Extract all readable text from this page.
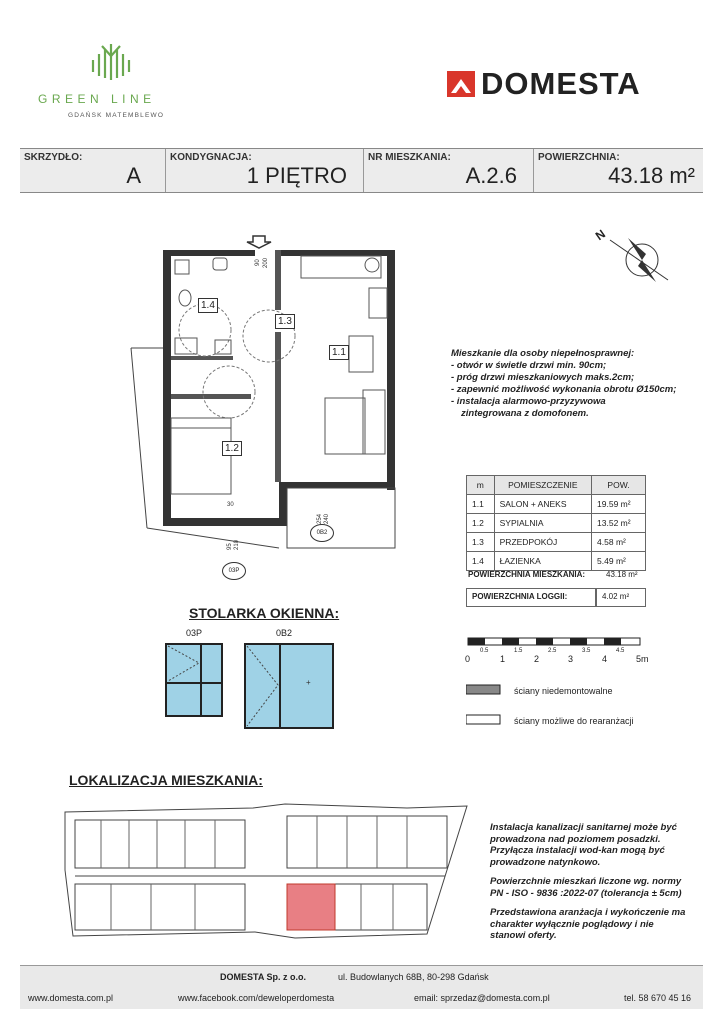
GREEN LINE
GDAŃSK MATEMBLEWO
DOMESTA
SKRZYDŁO:
A
KONDYGNACJA:
1 PIĘTRO
NR MIESZKANIA:
A.2.6
POWIERZCHNIA:
43.18 m²
90 200
30
95 210
254 240
1.4
1.3
1.1
1.2
0B2
03P
N
Mieszkanie dla osoby niepełnosprawnej:
- otwór w świetle drzwi min. 90cm;
- próg drzwi mieszkaniowych maks.2cm;
- zapewnić możliwość wykonania obrotu Ø150cm;
- instalacja alarmowo-przyzywowa
zintegrowana z domofonem.
m	POMIESZCZENIE	POW.
1.1	SALON + ANEKS	19.59 m²
1.2	SYPIALNIA	13.52 m²
1.3	PRZEDPOKÓJ	4.58 m²
1.4	ŁAZIENKA	5.49 m²
POWIERZCHNIA MIESZKANIA:	43.18 m²
POWIERZCHNIA LOGGII:	4.02 m²
STOLARKA OKIENNA:
03P	0B2
+
0	1	2	3	4	5m
0.5	1.5	2.5	3.5	4.5
ściany niedemontowalne
ściany możliwe do rearanżacji
LOKALIZACJA MIESZKANIA:
Instalacja kanalizacji sanitarnej może być
prowadzona nad poziomem posadzki.
Przyłącza instalacji wod-kan mogą być
prowadzone natynkowo.
Powierzchnie mieszkań liczone wg. normy
PN - ISO - 9836 :2022-07 (tolerancja ± 5cm)
Przedstawiona aranżacja i wykończenie ma
charakter wyłącznie poglądowy i nie
stanowi oferty.
DOMESTA Sp. z o.o.	ul. Budowlanych 68B, 80-298 Gdańsk
www.domesta.com.pl	www.facebook.com/deweloperdomesta	email: sprzedaz@domesta.com.pl	tel. 58 670 45 16
